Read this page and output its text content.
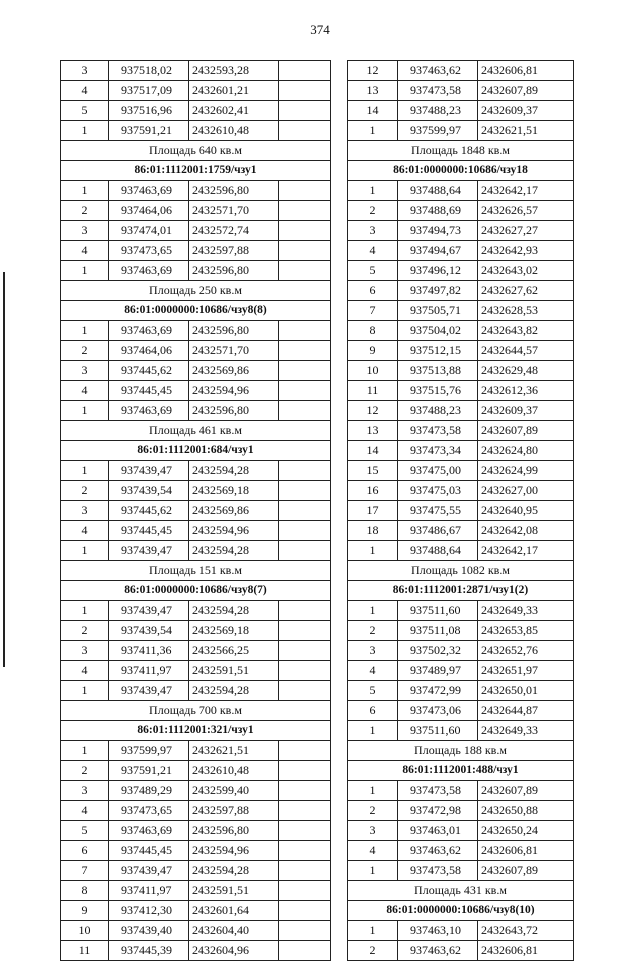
374
3	937518,02	2432593,28	
4	937517,09	2432601,21	
5	937516,96	2432602,41	
1	937591,21	2432610,48	
Площадь 640 кв.м			
86:01:1112001:1759/чзу1			
1	937463,69	2432596,80	
2	937464,06	2432571,70	
3	937474,01	2432572,74	
4	937473,65	2432597,88	
1	937463,69	2432596,80	
Площадь 250 кв.м			
86:01:0000000:10686/чзу8(8)			
1	937463,69	2432596,80	
2	937464,06	2432571,70	
3	937445,62	2432569,86	
4	937445,45	2432594,96	
1	937463,69	2432596,80	
Площадь 461 кв.м			
86:01:1112001:684/чзу1			
1	937439,47	2432594,28	
2	937439,54	2432569,18	
3	937445,62	2432569,86	
4	937445,45	2432594,96	
1	937439,47	2432594,28	
Площадь 151 кв.м			
86:01:0000000:10686/чзу8(7)			
1	937439,47	2432594,28	
2	937439,54	2432569,18	
3	937411,36	2432566,25	
4	937411,97	2432591,51	
1	937439,47	2432594,28	
Площадь 700 кв.м			
86:01:1112001:321/чзу1			
1	937599,97	2432621,51	
2	937591,21	2432610,48	
3	937489,29	2432599,40	
4	937473,65	2432597,88	
5	937463,69	2432596,80	
6	937445,45	2432594,96	
7	937439,47	2432594,28	
8	937411,97	2432591,51	
9	937412,30	2432601,64	
10	937439,40	2432604,40	
11	937445,39	2432604,96	
12	937463,62	2432606,81
13	937473,58	2432607,89
14	937488,23	2432609,37
1	937599,97	2432621,51
Площадь 1848 кв.м		
86:01:0000000:10686/чзу18		
1	937488,64	2432642,17
2	937488,69	2432626,57
3	937494,73	2432627,27
4	937494,67	2432642,93
5	937496,12	2432643,02
6	937497,82	2432627,62
7	937505,71	2432628,53
8	937504,02	2432643,82
9	937512,15	2432644,57
10	937513,88	2432629,48
11	937515,76	2432612,36
12	937488,23	2432609,37
13	937473,58	2432607,89
14	937473,34	2432624,80
15	937475,00	2432624,99
16	937475,03	2432627,00
17	937475,55	2432640,95
18	937486,67	2432642,08
1	937488,64	2432642,17
Площадь 1082 кв.м		
86:01:1112001:2871/чзу1(2)		
1	937511,60	2432649,33
2	937511,08	2432653,85
3	937502,32	2432652,76
4	937489,97	2432651,97
5	937472,99	2432650,01
6	937473,06	2432644,87
1	937511,60	2432649,33
Площадь 188 кв.м		
86:01:1112001:488/чзу1		
1	937473,58	2432607,89
2	937472,98	2432650,88
3	937463,01	2432650,24
4	937463,62	2432606,81
1	937473,58	2432607,89
Площадь 431 кв.м		
86:01:0000000:10686/чзу8(10)		
1	937463,10	2432643,72
2	937463,62	2432606,81
